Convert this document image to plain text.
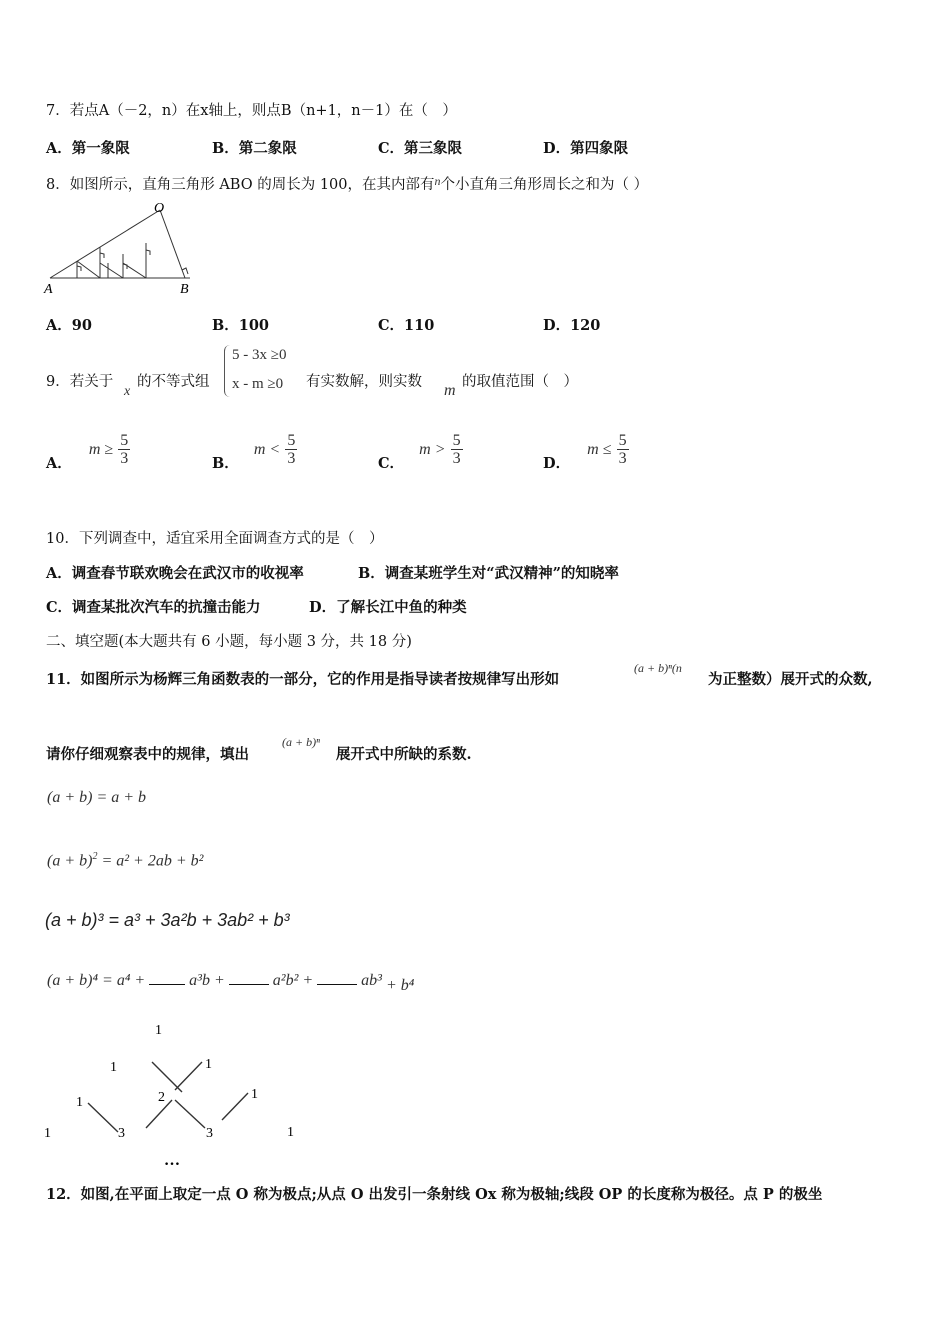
7．若点A（－2，n）在x轴上，则点B（n+1，n－1）在（　）
A．第一象限	B．第二象限	C．第三象限	D．第四象限
8．如图所示，直角三角形 ABO 的周长为 100，在其内部有$^n$个小直角三角形周长之和为（ ）
O
A	B
A．90	B．100	C．110	D．120
9．若关于
x
的不等式组
5 - 3x ≥0
x - m ≥0 有实数解，则实数 m 的取值范围（　）
A． $m \ge \frac{5}{3}$	B． $m < \frac{5}{3}$	C． $m > \frac{5}{3}$	D． $m \le \frac{5}{3}$
10．下列调查中，适宜采用全面调查方式的是（　）
A．调查春节联欢晚会在武汉市的收视率	B．调查某班学生对“武汉精神”的知晓率
C．调查某批次汽车的抗撞击能力	D．了解长江中鱼的种类
二、填空题(本大题共有 6 小题，每小题 3 分，共 18 分)
11．如图所示为杨辉三角函数表的一部分，它的作用是指导读者按规律写出形如
(a + b)ⁿ(n
为正整数）展开式的众数,
请你仔细观察表中的规律，填出
(a + b)ⁿ
展开式中所缺的系数.
(a + b) = a + b
$(a + b)^2 = a^2 + 2ab + b^2$
(a + b)³ = a³ + 3a²b + 3ab² + b³
(a + b)⁴ = a⁴ +	a³b +	a²b² +	ab³ + b⁴
1
1	1
1	2	1
1	3	3	1
…
12．如图,在平面上取定一点 O 称为极点;从点 O 出发引一条射线 Ox 称为极轴;线段 OP 的长度称为极径。点 P 的极坐
